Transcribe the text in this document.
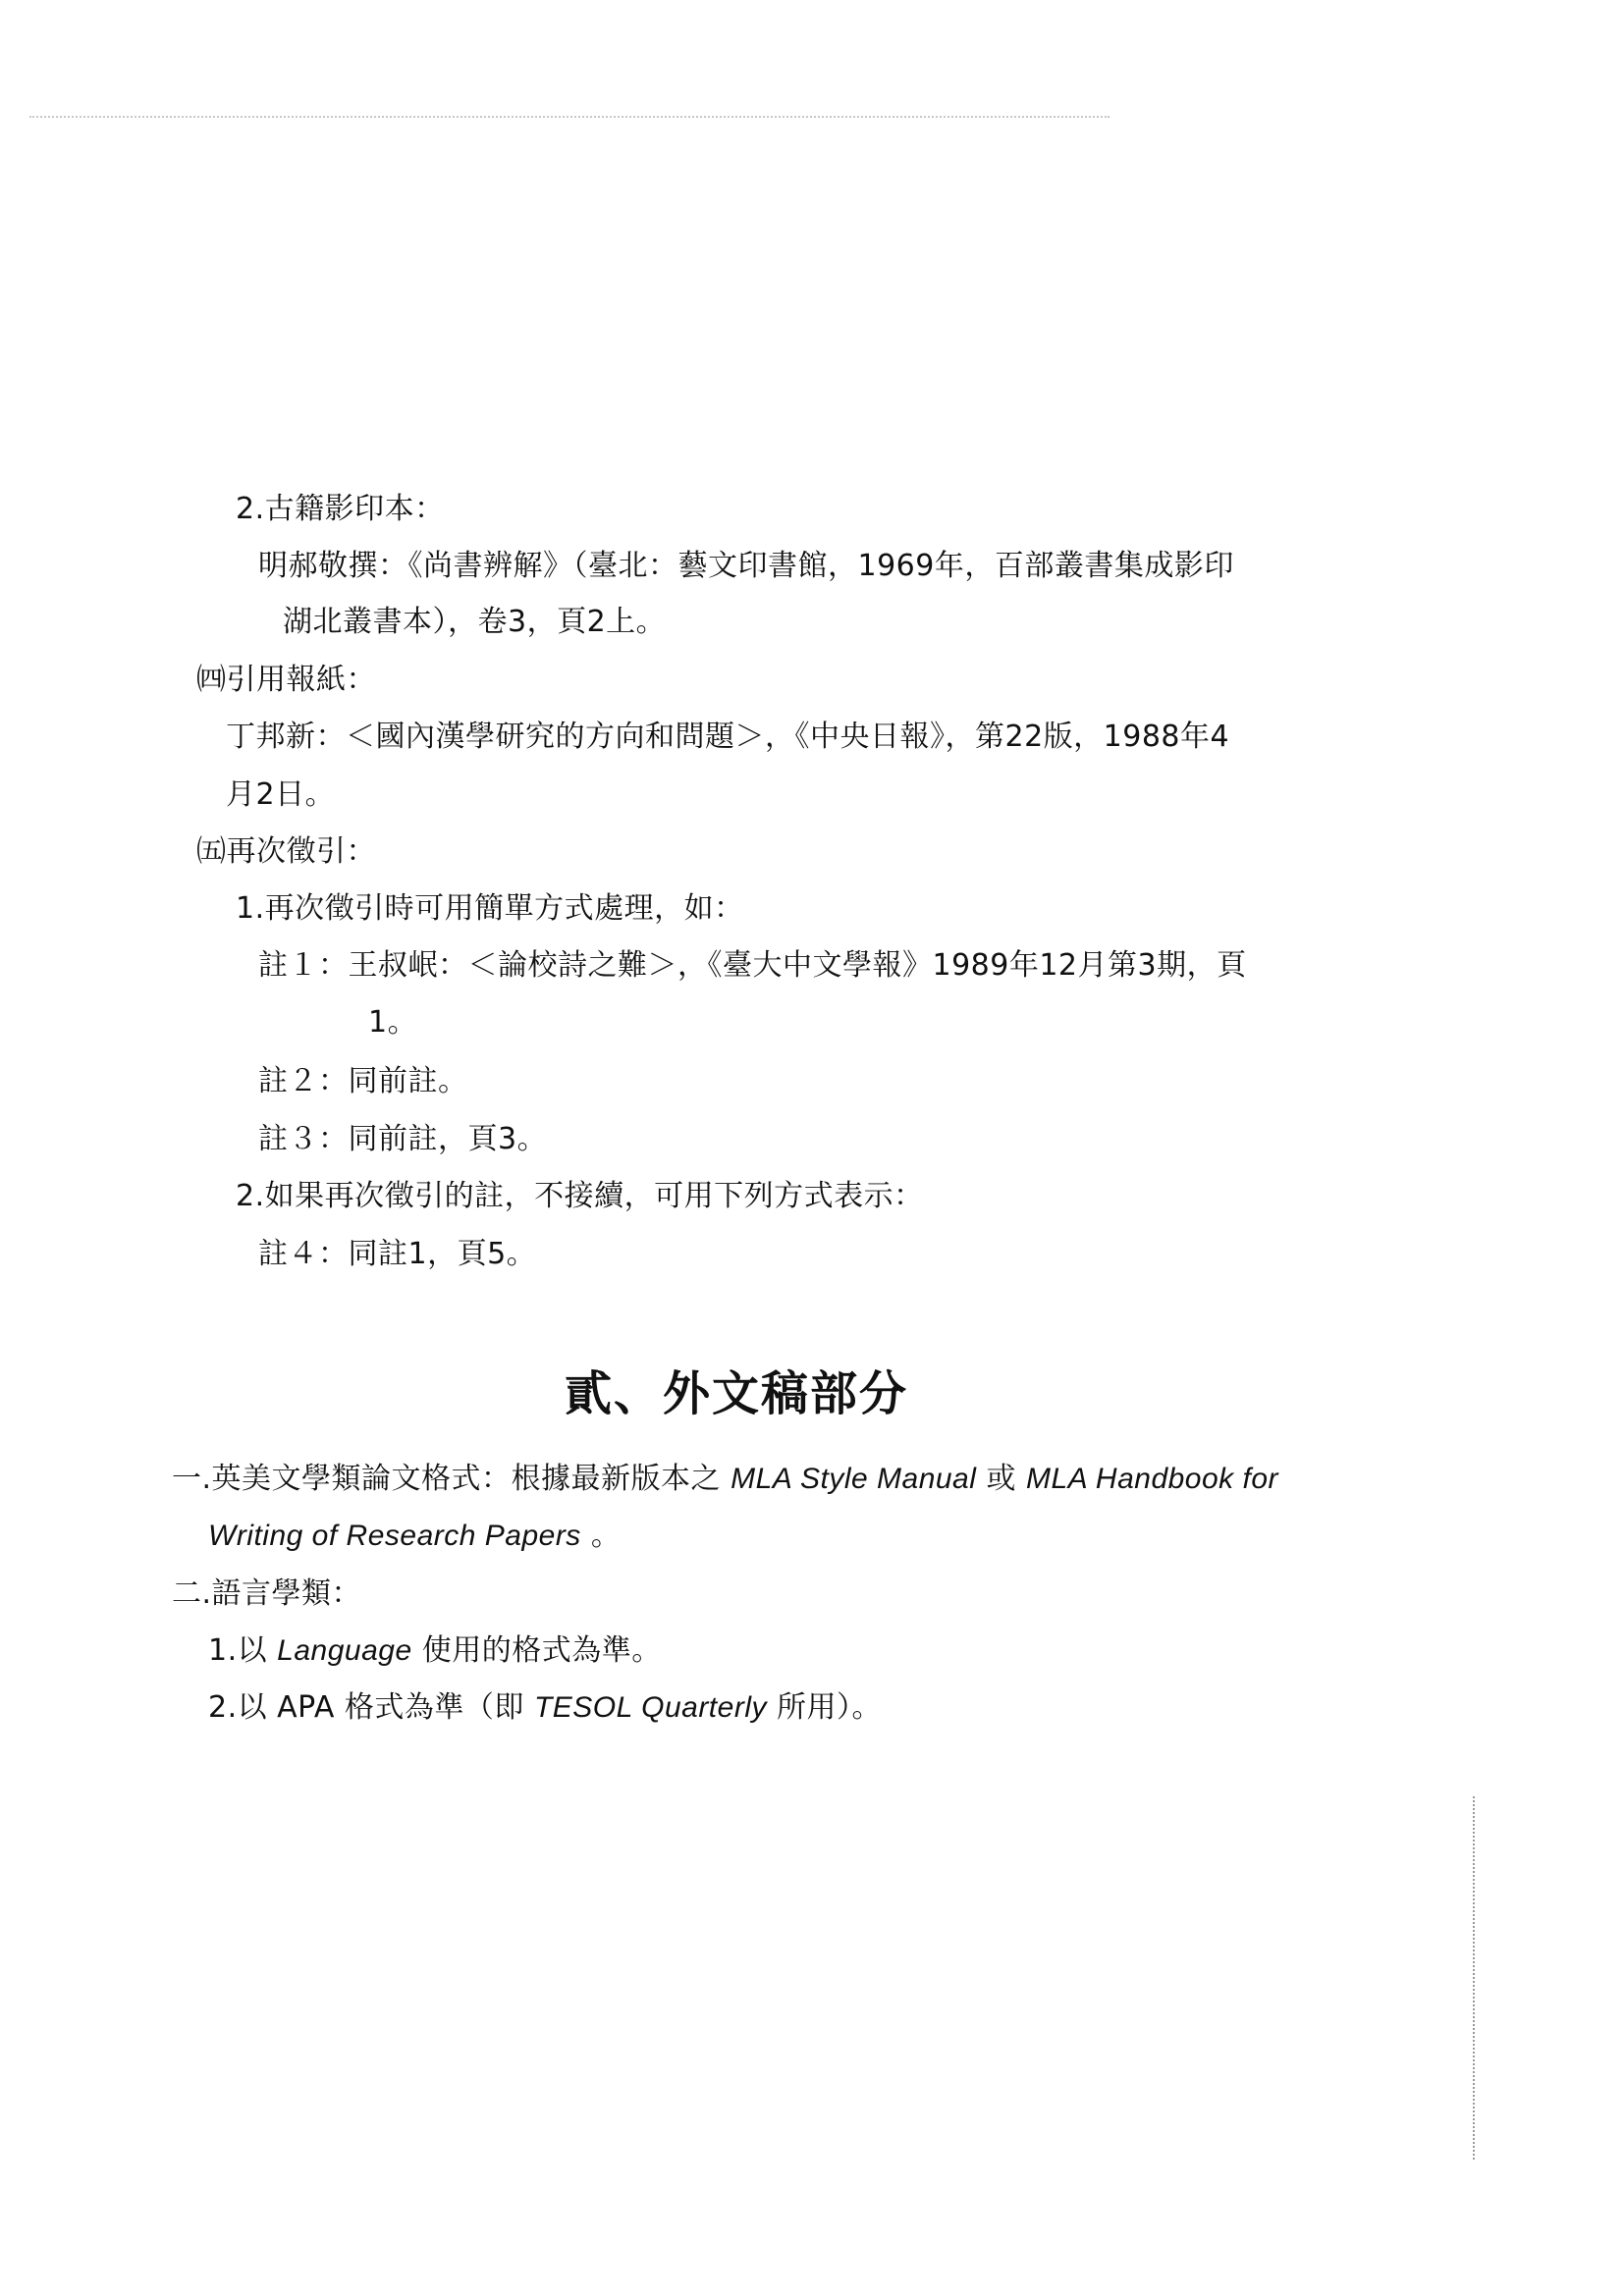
2.古籍影印本：
明郝敬撰：《尚書辨解》（臺北：藝文印書館，1969年，百部叢書集成影印
湖北叢書本），卷3，頁2上。
㈣引用報紙：
丁邦新：＜國內漢學研究的方向和問題＞，《中央日報》，第22版，1988年4
月2日。
㈤再次徵引：
1.再次徵引時可用簡單方式處理，如：
註１：王叔岷：＜論校詩之難＞，《臺大中文學報》1989年12月第3期，頁
1。
註２：同前註。
註３：同前註，頁3。
2.如果再次徵引的註，不接續，可用下列方式表示：
註４：同註1，頁5。
貳、外文稿部分
一.英美文學類論文格式：根據最新版本之 MLA Style Manual 或 MLA Handbook for
Writing of Research Papers 。
二.語言學類：
1.以 Language 使用的格式為準。
2.以 APA 格式為準（即 TESOL Quarterly 所用）。
